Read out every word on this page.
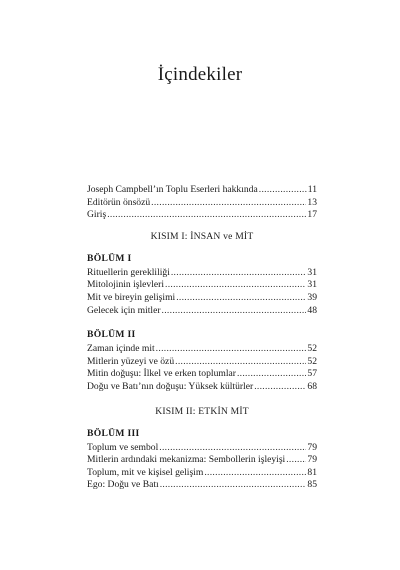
İçindekiler
Joseph Campbell’ın Toplu Eserleri hakkında .....	11
Editörün önsözü .....	13
Giriş .....	17
KISIM I: İNSAN ve MİT
BÖLÜM I
Rituellerin gerekliliği .....	31
Mitolojinin işlevleri .....	31
Mit ve bireyin gelişimi .....	39
Gelecek için mitler .....	48
BÖLÜM II
Zaman içinde mit .....	52
Mitlerin yüzeyi ve özü .....	52
Mitin doğuşu: İlkel ve erken toplumlar .....	57
Doğu ve Batı’nın doğuşu: Yüksek kültürler .....	68
KISIM II: ETKİN MİT
BÖLÜM III
Toplum ve sembol .....	79
Mitlerin ardındaki mekanizma: Sembollerin işleyişi ..... 79
Toplum, mit ve kişisel gelişim .....	81
Ego: Doğu ve Batı .....	85
